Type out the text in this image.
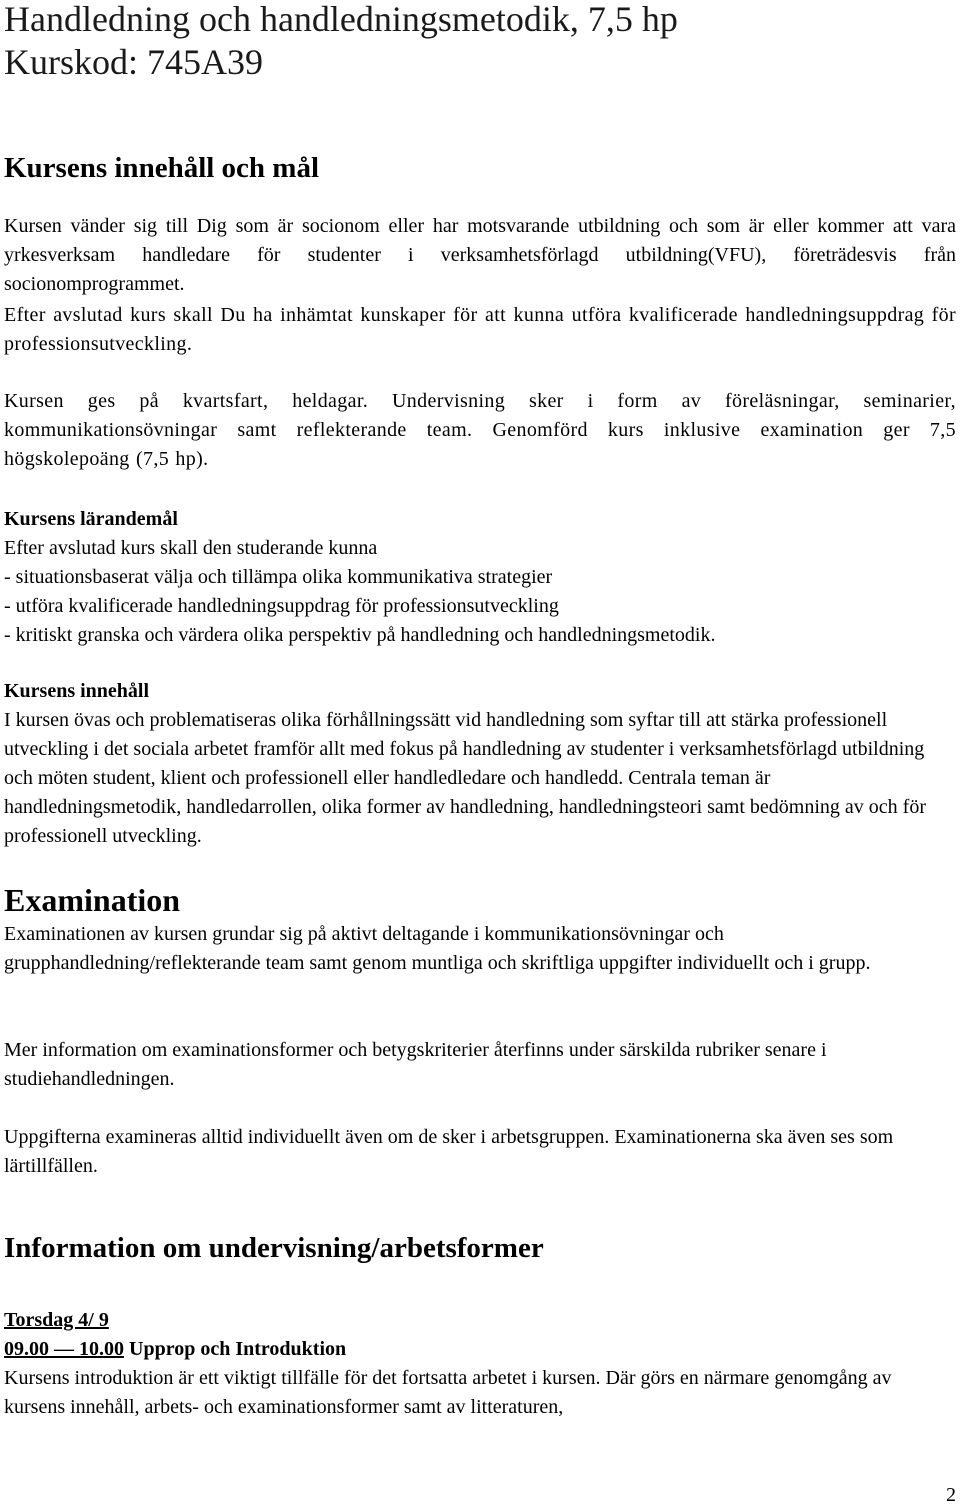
Handledning och handledningsmetodik, 7,5 hp
Kurskod: 745A39
Kursens innehåll och mål

Kursen vänder sig till Dig som är socionom eller har motsvarande utbildning och som är eller kommer att vara yrkesverksam handledare för studenter i verksamhetsförlagd utbildning(VFU), företrädesvis från socionomprogrammet.

Efter avslutad kurs skall Du ha inhämtat kunskaper för att kunna utföra kvalificerade handledningsuppdrag för professionsutveckling.

Kursen ges på kvartsfart, heldagar. Undervisning sker i form av föreläsningar, seminarier, kommunikationsövningar samt reflekterande team. Genomförd kurs inklusive examination ger 7,5 högskolepoäng (7,5 hp).

Kursens lärandemål
Efter avslutad kurs skall den studerande kunna
- situationsbaserat välja och tillämpa olika kommunikativa strategier
- utföra kvalificerade handledningsuppdrag för professionsutveckling
- kritiskt granska och värdera olika perspektiv på handledning och handledningsmetodik.
Kursens innehåll
I kursen övas och problematiseras olika förhållningssätt vid handledning som syftar till att stärka professionell utveckling i det sociala arbetet framför allt med fokus på handledning av studenter i verksamhetsförlagd utbildning och möten student, klient och professionell eller handledledare och handledd. Centrala teman är handledningsmetodik, handledarrollen, olika former av handledning, handledningsteori samt bedömning av och för professionell utveckling.
Examination

Examinationen av kursen grundar sig på aktivt deltagande i kommunikationsövningar och grupphandledning/reflekterande team samt genom muntliga och skriftliga uppgifter individuellt och i grupp.

Mer information om examinationsformer och betygskriterier återfinns under särskilda rubriker senare i studiehandledningen.

Uppgifterna examineras alltid individuellt även om de sker i arbetsgruppen. Examinationerna ska även ses som lärtillfällen.

Information om undervisning/arbetsformer
Torsdag 4/ 9
09.00 — 10.00 Upprop och Introduktion
Kursens introduktion är ett viktigt tillfälle för det fortsatta arbetet i kursen. Där görs en närmare genomgång av kursens innehåll, arbets- och examinationsformer samt av litteraturen,
2
